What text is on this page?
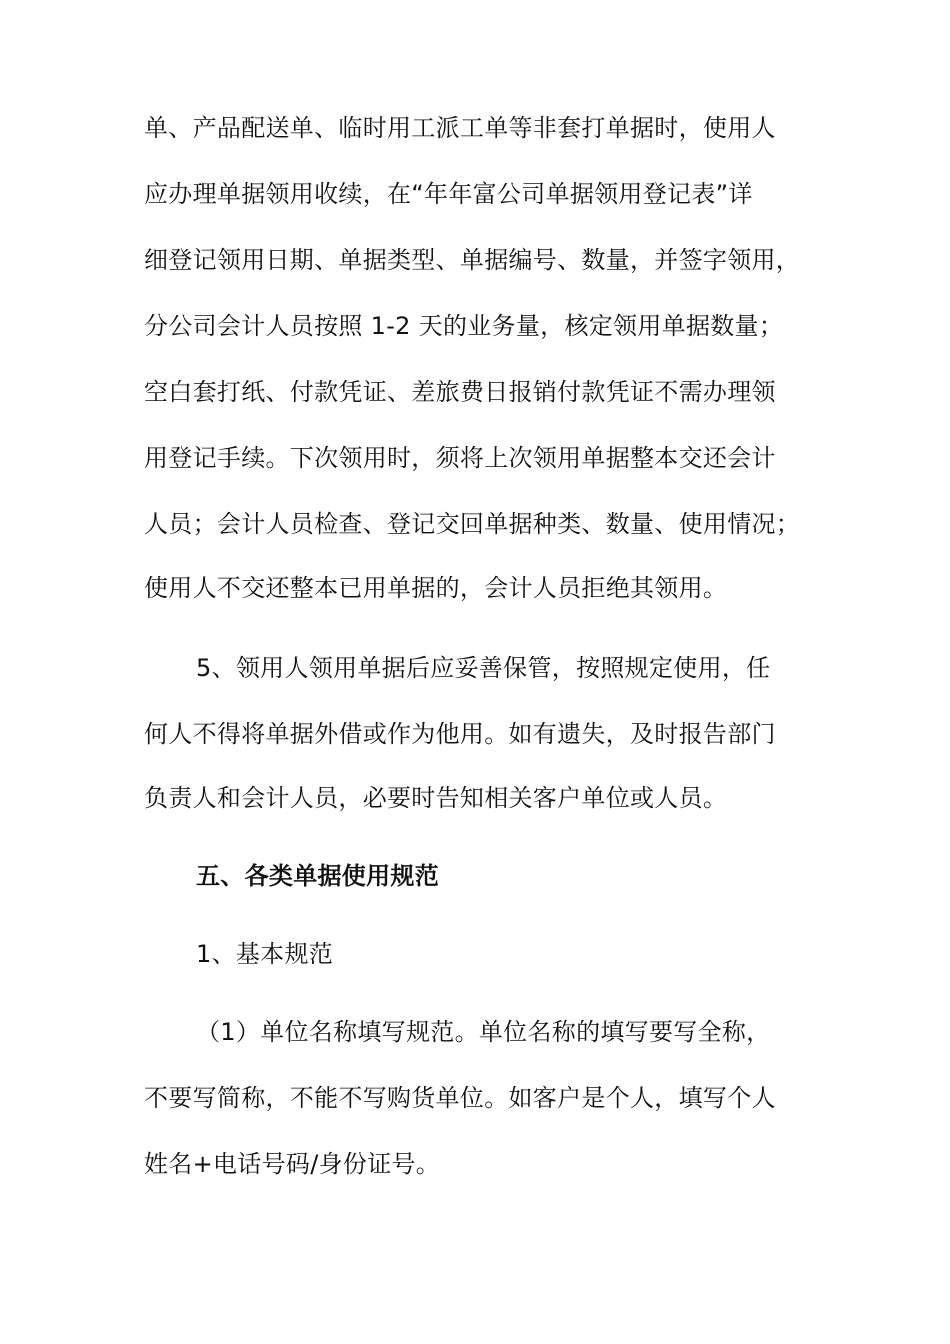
单、产品配送单、临时用工派工单等非套打单据时，使用人
应办理单据领用收续，在“年年富公司单据领用登记表”详
细登记领用日期、单据类型、单据编号、数量，并签字领用，
分公司会计人员按照 1-2 天的业务量，核定领用单据数量；
空白套打纸、付款凭证、差旅费日报销付款凭证不需办理领
用登记手续。下次领用时，须将上次领用单据整本交还会计
人员；会计人员检查、登记交回单据种类、数量、使用情况；
使用人不交还整本已用单据的，会计人员拒绝其领用。
5、领用人领用单据后应妥善保管，按照规定使用，任
何人不得将单据外借或作为他用。如有遗失，及时报告部门
负责人和会计人员，必要时告知相关客户单位或人员。
五、各类单据使用规范
1、基本规范
（1）单位名称填写规范。单位名称的填写要写全称，
不要写简称，不能不写购货单位。如客户是个人，填写个人
姓名+电话号码/身份证号。
